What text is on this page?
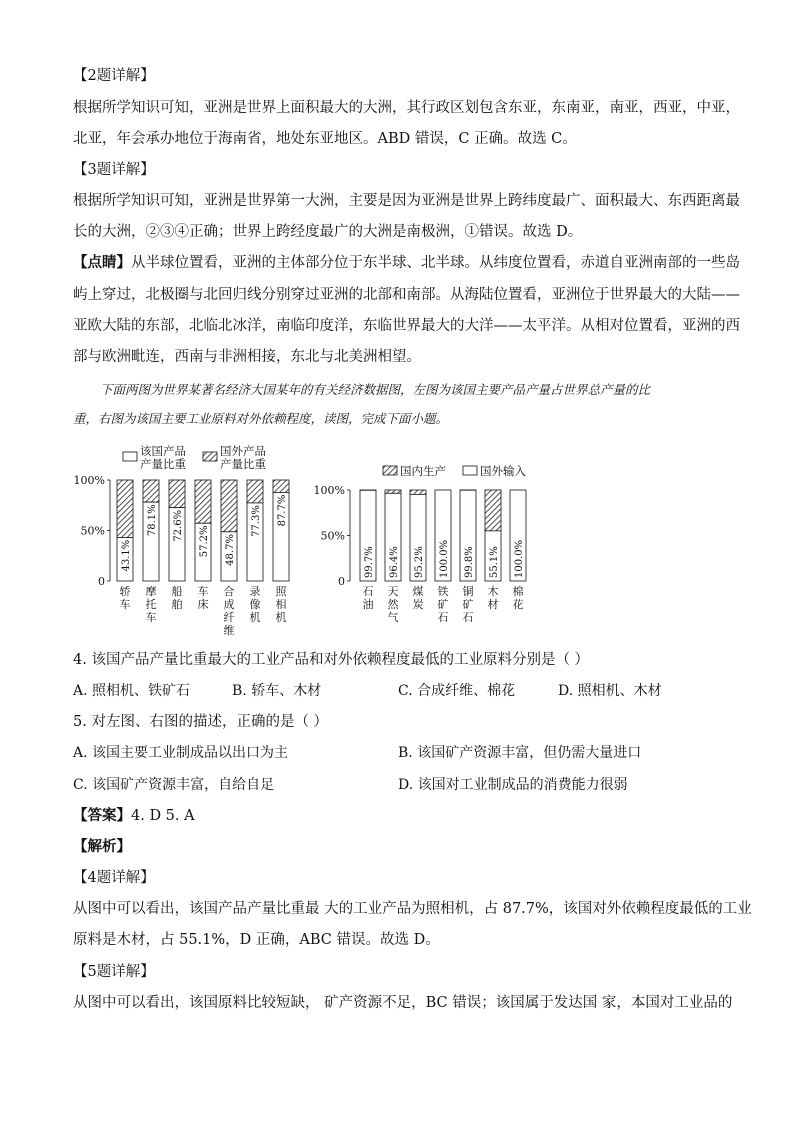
【2题详解】
根据所学知识可知，亚洲是世界上面积最大的大洲，其行政区划包含东亚，东南亚，南亚，西亚，中亚，
北亚，年会承办地位于海南省，地处东亚地区。ABD 错误，C 正确。故选 C。
【3题详解】
根据所学知识可知，亚洲是世界第一大洲，主要是因为亚洲是世界上跨纬度最广、面积最大、东西距离最
长的大洲，②③④正确；世界上跨经度最广的大洲是南极洲，①错误。故选 D。
【点睛】从半球位置看，亚洲的主体部分位于东半球、北半球。从纬度位置看，赤道自亚洲南部的一些岛
屿上穿过，北极圈与北回归线分别穿过亚洲的北部和南部。从海陆位置看，亚洲位于世界最大的大陆——
亚欧大陆的东部，北临北冰洋，南临印度洋，东临世界最大的大洋——太平洋。从相对位置看，亚洲的西
部与欧洲毗连，西南与非洲相接，东北与北美洲相望。
下面两图为世界某著名经济大国某年的有关经济数据图，左图为该国主要产品产量占世界总产量的比
重，右图为该国主要工业原料对外依赖程度，读图，完成下面小题。
该国产品
产量比重
国外产品
产量比重
100%
50%
0
43.1%
轿车
78.1%
摩托车
72.6%
船舶
57.2%
车床
48.7%
合成纤维
77.3%
录像机
87.7%
照相机
国内生产	国外输入
100%
50%
0
99.7%
石油
96.4%
天然气
95.2%
煤炭
100.0%
铁矿石
99.8%
铜矿石
55.1%
木材
100.0%
棉花
4. 该国产品产量比重最大的工业产品和对外依赖程度最低的工业原料分别是（ ）
A. 照相机、铁矿石	B. 轿车、木材	C. 合成纤维、棉花	D. 照相机、木材
5. 对左图、右图的描述，正确的是（ ）
A. 该国主要工业制成品以出口为主	B. 该国矿产资源丰富，但仍需大量进口
C. 该国矿产资源丰富，自给自足	D. 该国对工业制成品的消费能力很弱
【答案】4. D 5. A
【解析】
【4题详解】
从图中可以看出，该国产品产量比重最 大的工业产品为照相机，占 87.7%，该国对外依赖程度最低的工业
原料是木材，占 55.1%，D 正确，ABC 错误。故选 D。
【5题详解】
从图中可以看出，该国原料比较短缺， 矿产资源不足，BC 错误；该国属于发达国 家，本国对工业品的
